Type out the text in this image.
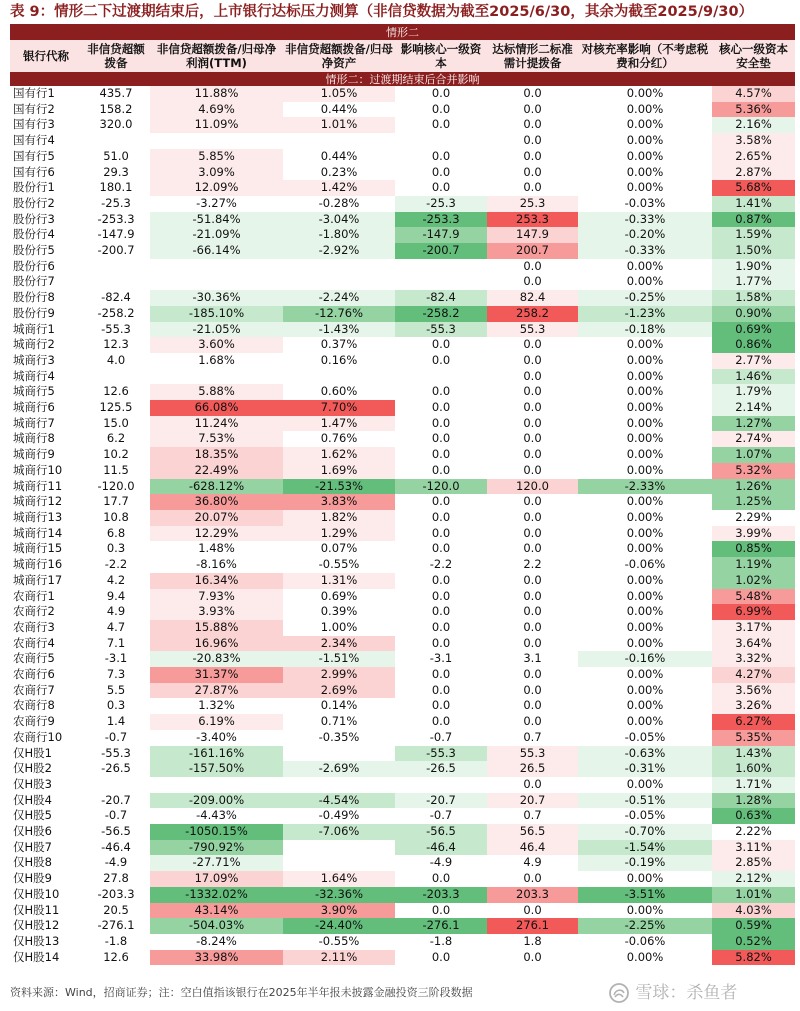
表 9：情形二下过渡期结束后，上市银行达标压力测算（非信贷数据为截至2025/6/30，其余为截至2025/9/30）
情形二							
银行代称	非信贷超额拨备	非信贷超额拨备/归母净利润(TTM)	非信贷超额拨备/归母净资产	影响核心一级资本	达标情形二标准需计提拨备	对核充率影响（不考虑税费和分红）	核心一级资本安全垫
情形二：过渡期结束后合并影响							
国有行1	435.7	11.88%	1.05%	0.0	0.0	0.00%	4.57%
国有行2	158.2	4.69%	0.44%	0.0	0.0	0.00%	5.36%
国有行3	320.0	11.09%	1.01%	0.0	0.0	0.00%	2.16%
国有行4					0.0	0.00%	3.58%
国有行5	51.0	5.85%	0.44%	0.0	0.0	0.00%	2.65%
国有行6	29.3	3.09%	0.23%	0.0	0.0	0.00%	2.87%
股份行1	180.1	12.09%	1.42%	0.0	0.0	0.00%	5.68%
股份行2	-25.3	-3.27%	-0.28%	-25.3	25.3	-0.03%	1.41%
股份行3	-253.3	-51.84%	-3.04%	-253.3	253.3	-0.33%	0.87%
股份行4	-147.9	-21.09%	-1.80%	-147.9	147.9	-0.20%	1.59%
股份行5	-200.7	-66.14%	-2.92%	-200.7	200.7	-0.33%	1.50%
股份行6					0.0	0.00%	1.90%
股份行7					0.0	0.00%	1.77%
股份行8	-82.4	-30.36%	-2.24%	-82.4	82.4	-0.25%	1.58%
股份行9	-258.2	-185.10%	-12.76%	-258.2	258.2	-1.23%	0.90%
城商行1	-55.3	-21.05%	-1.43%	-55.3	55.3	-0.18%	0.69%
城商行2	12.3	3.60%	0.37%	0.0	0.0	0.00%	0.86%
城商行3	4.0	1.68%	0.16%	0.0	0.0	0.00%	2.77%
城商行4					0.0	0.00%	1.46%
城商行5	12.6	5.88%	0.60%	0.0	0.0	0.00%	1.79%
城商行6	125.5	66.08%	7.70%	0.0	0.0	0.00%	2.14%
城商行7	15.0	11.24%	1.47%	0.0	0.0	0.00%	1.27%
城商行8	6.2	7.53%	0.76%	0.0	0.0	0.00%	2.74%
城商行9	10.2	18.35%	1.62%	0.0	0.0	0.00%	1.07%
城商行10	11.5	22.49%	1.69%	0.0	0.0	0.00%	5.32%
城商行11	-120.0	-628.12%	-21.53%	-120.0	120.0	-2.33%	1.26%
城商行12	17.7	36.80%	3.83%	0.0	0.0	0.00%	1.25%
城商行13	10.8	20.07%	1.82%	0.0	0.0	0.00%	2.29%
城商行14	6.8	12.29%	1.29%	0.0	0.0	0.00%	3.99%
城商行15	0.3	1.48%	0.07%	0.0	0.0	0.00%	0.85%
城商行16	-2.2	-8.16%	-0.55%	-2.2	2.2	-0.06%	1.19%
城商行17	4.2	16.34%	1.31%	0.0	0.0	0.00%	1.02%
农商行1	9.4	7.93%	0.69%	0.0	0.0	0.00%	5.48%
农商行2	4.9	3.93%	0.39%	0.0	0.0	0.00%	6.99%
农商行3	4.7	15.88%	1.00%	0.0	0.0	0.00%	3.17%
农商行4	7.1	16.96%	2.34%	0.0	0.0	0.00%	3.64%
农商行5	-3.1	-20.83%	-1.51%	-3.1	3.1	-0.16%	3.32%
农商行6	7.3	31.37%	2.99%	0.0	0.0	0.00%	4.27%
农商行7	5.5	27.87%	2.69%	0.0	0.0	0.00%	3.56%
农商行8	0.3	1.32%	0.14%	0.0	0.0	0.00%	3.26%
农商行9	1.4	6.19%	0.71%	0.0	0.0	0.00%	6.27%
农商行10	-0.7	-3.40%	-0.35%	-0.7	0.7	-0.05%	5.35%
仅H股1	-55.3	-161.16%		-55.3	55.3	-0.63%	1.43%
仅H股2	-26.5	-157.50%	-2.69%	-26.5	26.5	-0.31%	1.60%
仅H股3					0.0	0.00%	1.71%
仅H股4	-20.7	-209.00%	-4.54%	-20.7	20.7	-0.51%	1.28%
仅H股5	-0.7	-4.43%	-0.49%	-0.7	0.7	-0.05%	0.63%
仅H股6	-56.5	-1050.15%	-7.06%	-56.5	56.5	-0.70%	2.22%
仅H股7	-46.4	-790.92%		-46.4	46.4	-1.54%	3.11%
仅H股8	-4.9	-27.71%		-4.9	4.9	-0.19%	2.85%
仅H股9	27.8	17.09%	1.64%	0.0	0.0	0.00%	2.12%
仅H股10	-203.3	-1332.02%	-32.36%	-203.3	203.3	-3.51%	1.01%
仅H股11	20.5	43.14%	3.90%	0.0	0.0	0.00%	4.03%
仅H股12	-276.1	-504.03%	-24.40%	-276.1	276.1	-2.25%	0.59%
仅H股13	-1.8	-8.24%	-0.55%	-1.8	1.8	-0.06%	0.52%
仅H股14	12.6	33.98%	2.11%	0.0	0.0	0.00%	5.82%
资料来源：Wind，招商证券；注：空白值指该银行在2025年半年报未披露金融投资三阶段数据	雪球：杀鱼者
